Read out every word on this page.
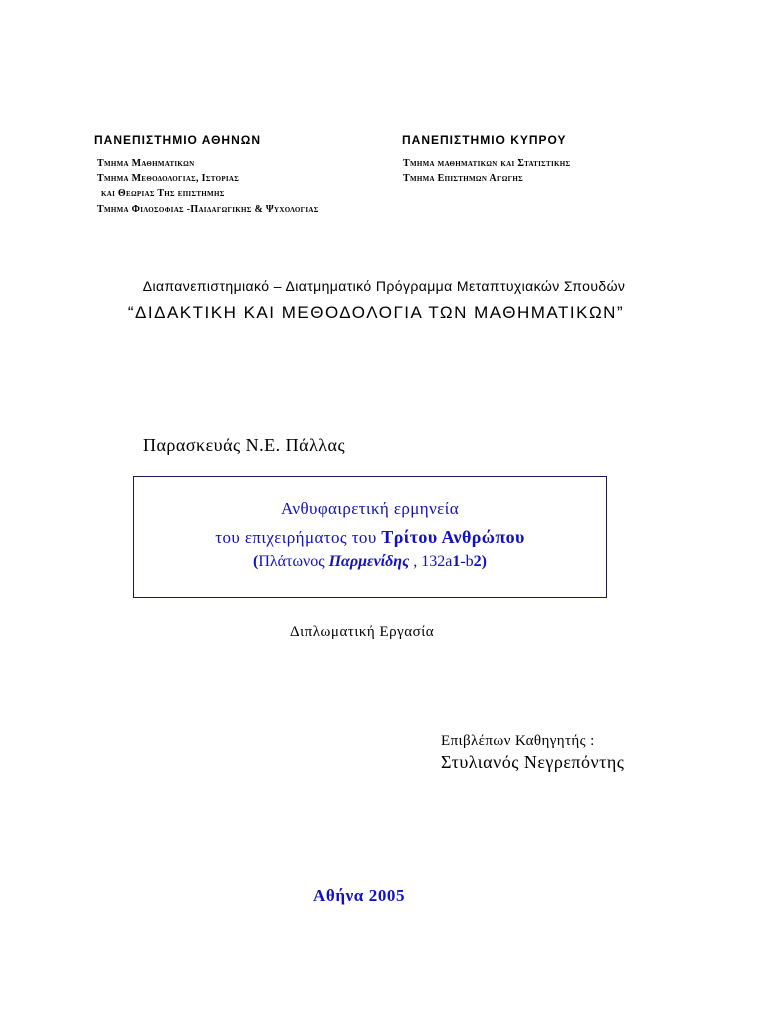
ΠΑΝΕΠΙΣΤΗΜΙΟ ΑΘΗΝΩΝ
Τμημα Μαθηματικων
Τμημα Μεθοδολογιας, Ιστοριας
και Θεωριας Της επιστημης
Τμημα Φιλοσοφιας -Παιδαγωγικης & Ψυχολογιας
ΠΑΝΕΠΙΣΤΗΜΙΟ ΚΥΠΡΟΥ
Τμημα μαθηματικων και Στατιστικης
Τμημα Επιστημων Αγωγης
Διαπανεπιστημιακό – Διατμηματικό Πρόγραμμα Μεταπτυχιακών Σπουδών
“ΔΙΔΑΚΤΙΚΗ ΚΑΙ ΜΕΘΟΔΟΛΟΓΙΑ ΤΩΝ ΜΑΘΗΜΑΤΙΚΩΝ”
Παρασκευάς Ν.Ε. Πάλλας
Ανθυφαιρετική ερμηνεία
του επιχειρήματος του Τρίτου Ανθρώπου
(Πλάτωνος Παρμενίδης , 132a1-b2)
Διπλωματική Εργασία
Επιβλέπων Καθηγητής :
Στυλιανός Νεγρεπόντης
Αθήνα 2005
